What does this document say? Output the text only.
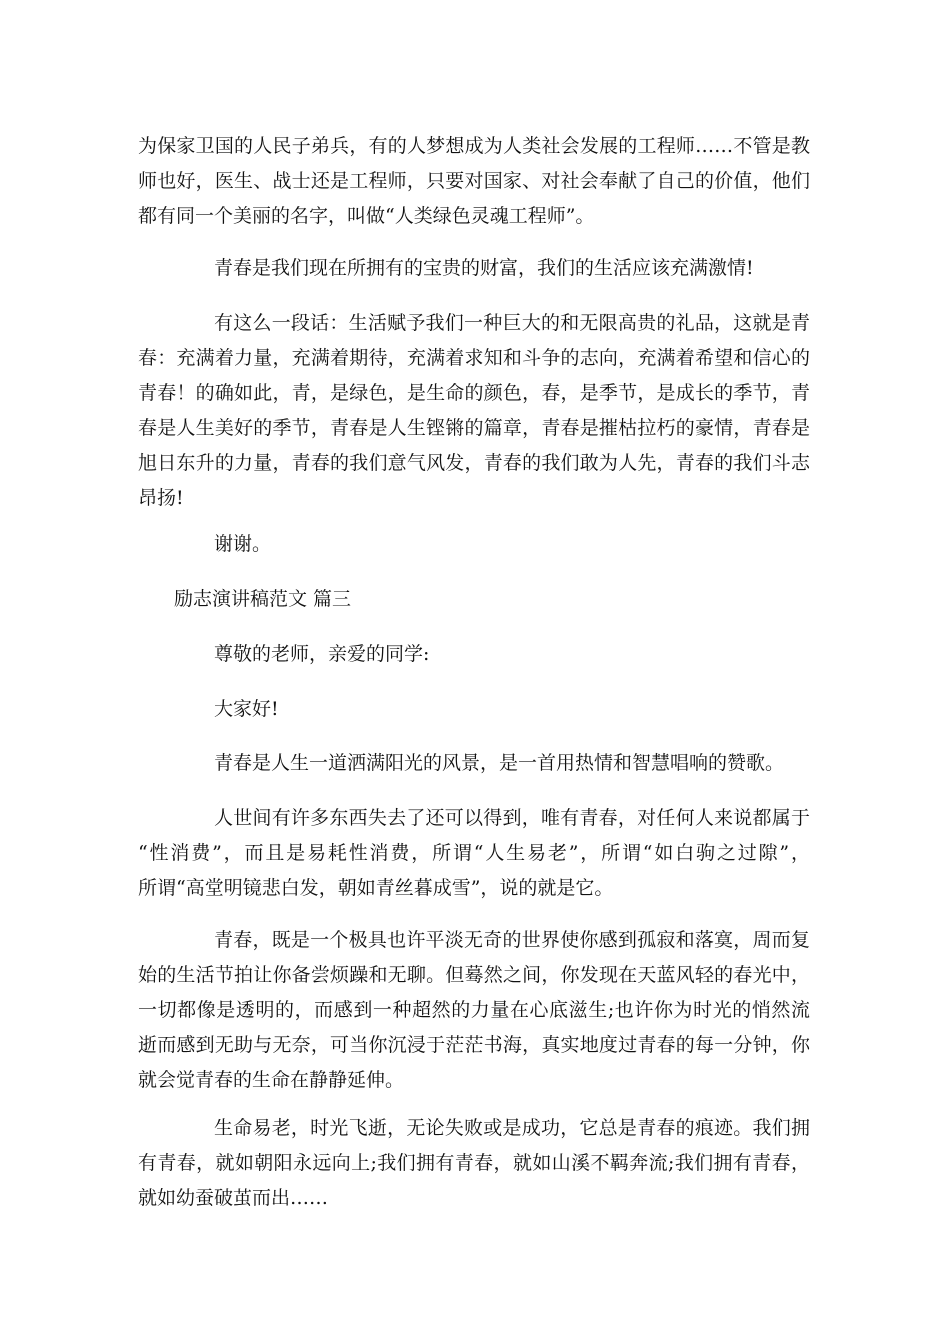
为保家卫国的人民子弟兵，有的人梦想成为人类社会发展的工程师……不管是教
师也好，医生、战士还是工程师，只要对国家、对社会奉献了自己的价值，他们
都有同一个美丽的名字，叫做“人类绿色灵魂工程师”。
青春是我们现在所拥有的宝贵的财富，我们的生活应该充满激情!
有这么一段话：生活赋予我们一种巨大的和无限高贵的礼品，这就是青
春：充满着力量，充满着期待，充满着求知和斗争的志向，充满着希望和信心的
青春！的确如此，青，是绿色，是生命的颜色，春，是季节，是成长的季节，青
春是人生美好的季节，青春是人生铿锵的篇章，青春是摧枯拉朽的豪情，青春是
旭日东升的力量，青春的我们意气风发，青春的我们敢为人先，青春的我们斗志
昂扬!
谢谢。
励志演讲稿范文 篇三
尊敬的老师，亲爱的同学:
大家好!
青春是人生一道洒满阳光的风景，是一首用热情和智慧唱响的赞歌。
人世间有许多东西失去了还可以得到，唯有青春，对任何人来说都属于
“性消费”，而且是易耗性消费，所谓“人生易老”，所谓“如白驹之过隙”，
所谓“高堂明镜悲白发，朝如青丝暮成雪”，说的就是它。
青春，既是一个极具也许平淡无奇的世界使你感到孤寂和落寞，周而复
始的生活节拍让你备尝烦躁和无聊。但蓦然之间，你发现在天蓝风轻的春光中，
一切都像是透明的，而感到一种超然的力量在心底滋生;也许你为时光的悄然流
逝而感到无助与无奈，可当你沉浸于茫茫书海，真实地度过青春的每一分钟，你
就会觉青春的生命在静静延伸。
生命易老，时光飞逝，无论失败或是成功，它总是青春的痕迹。我们拥
有青春，就如朝阳永远向上;我们拥有青春，就如山溪不羁奔流;我们拥有青春，
就如幼蚕破茧而出……
